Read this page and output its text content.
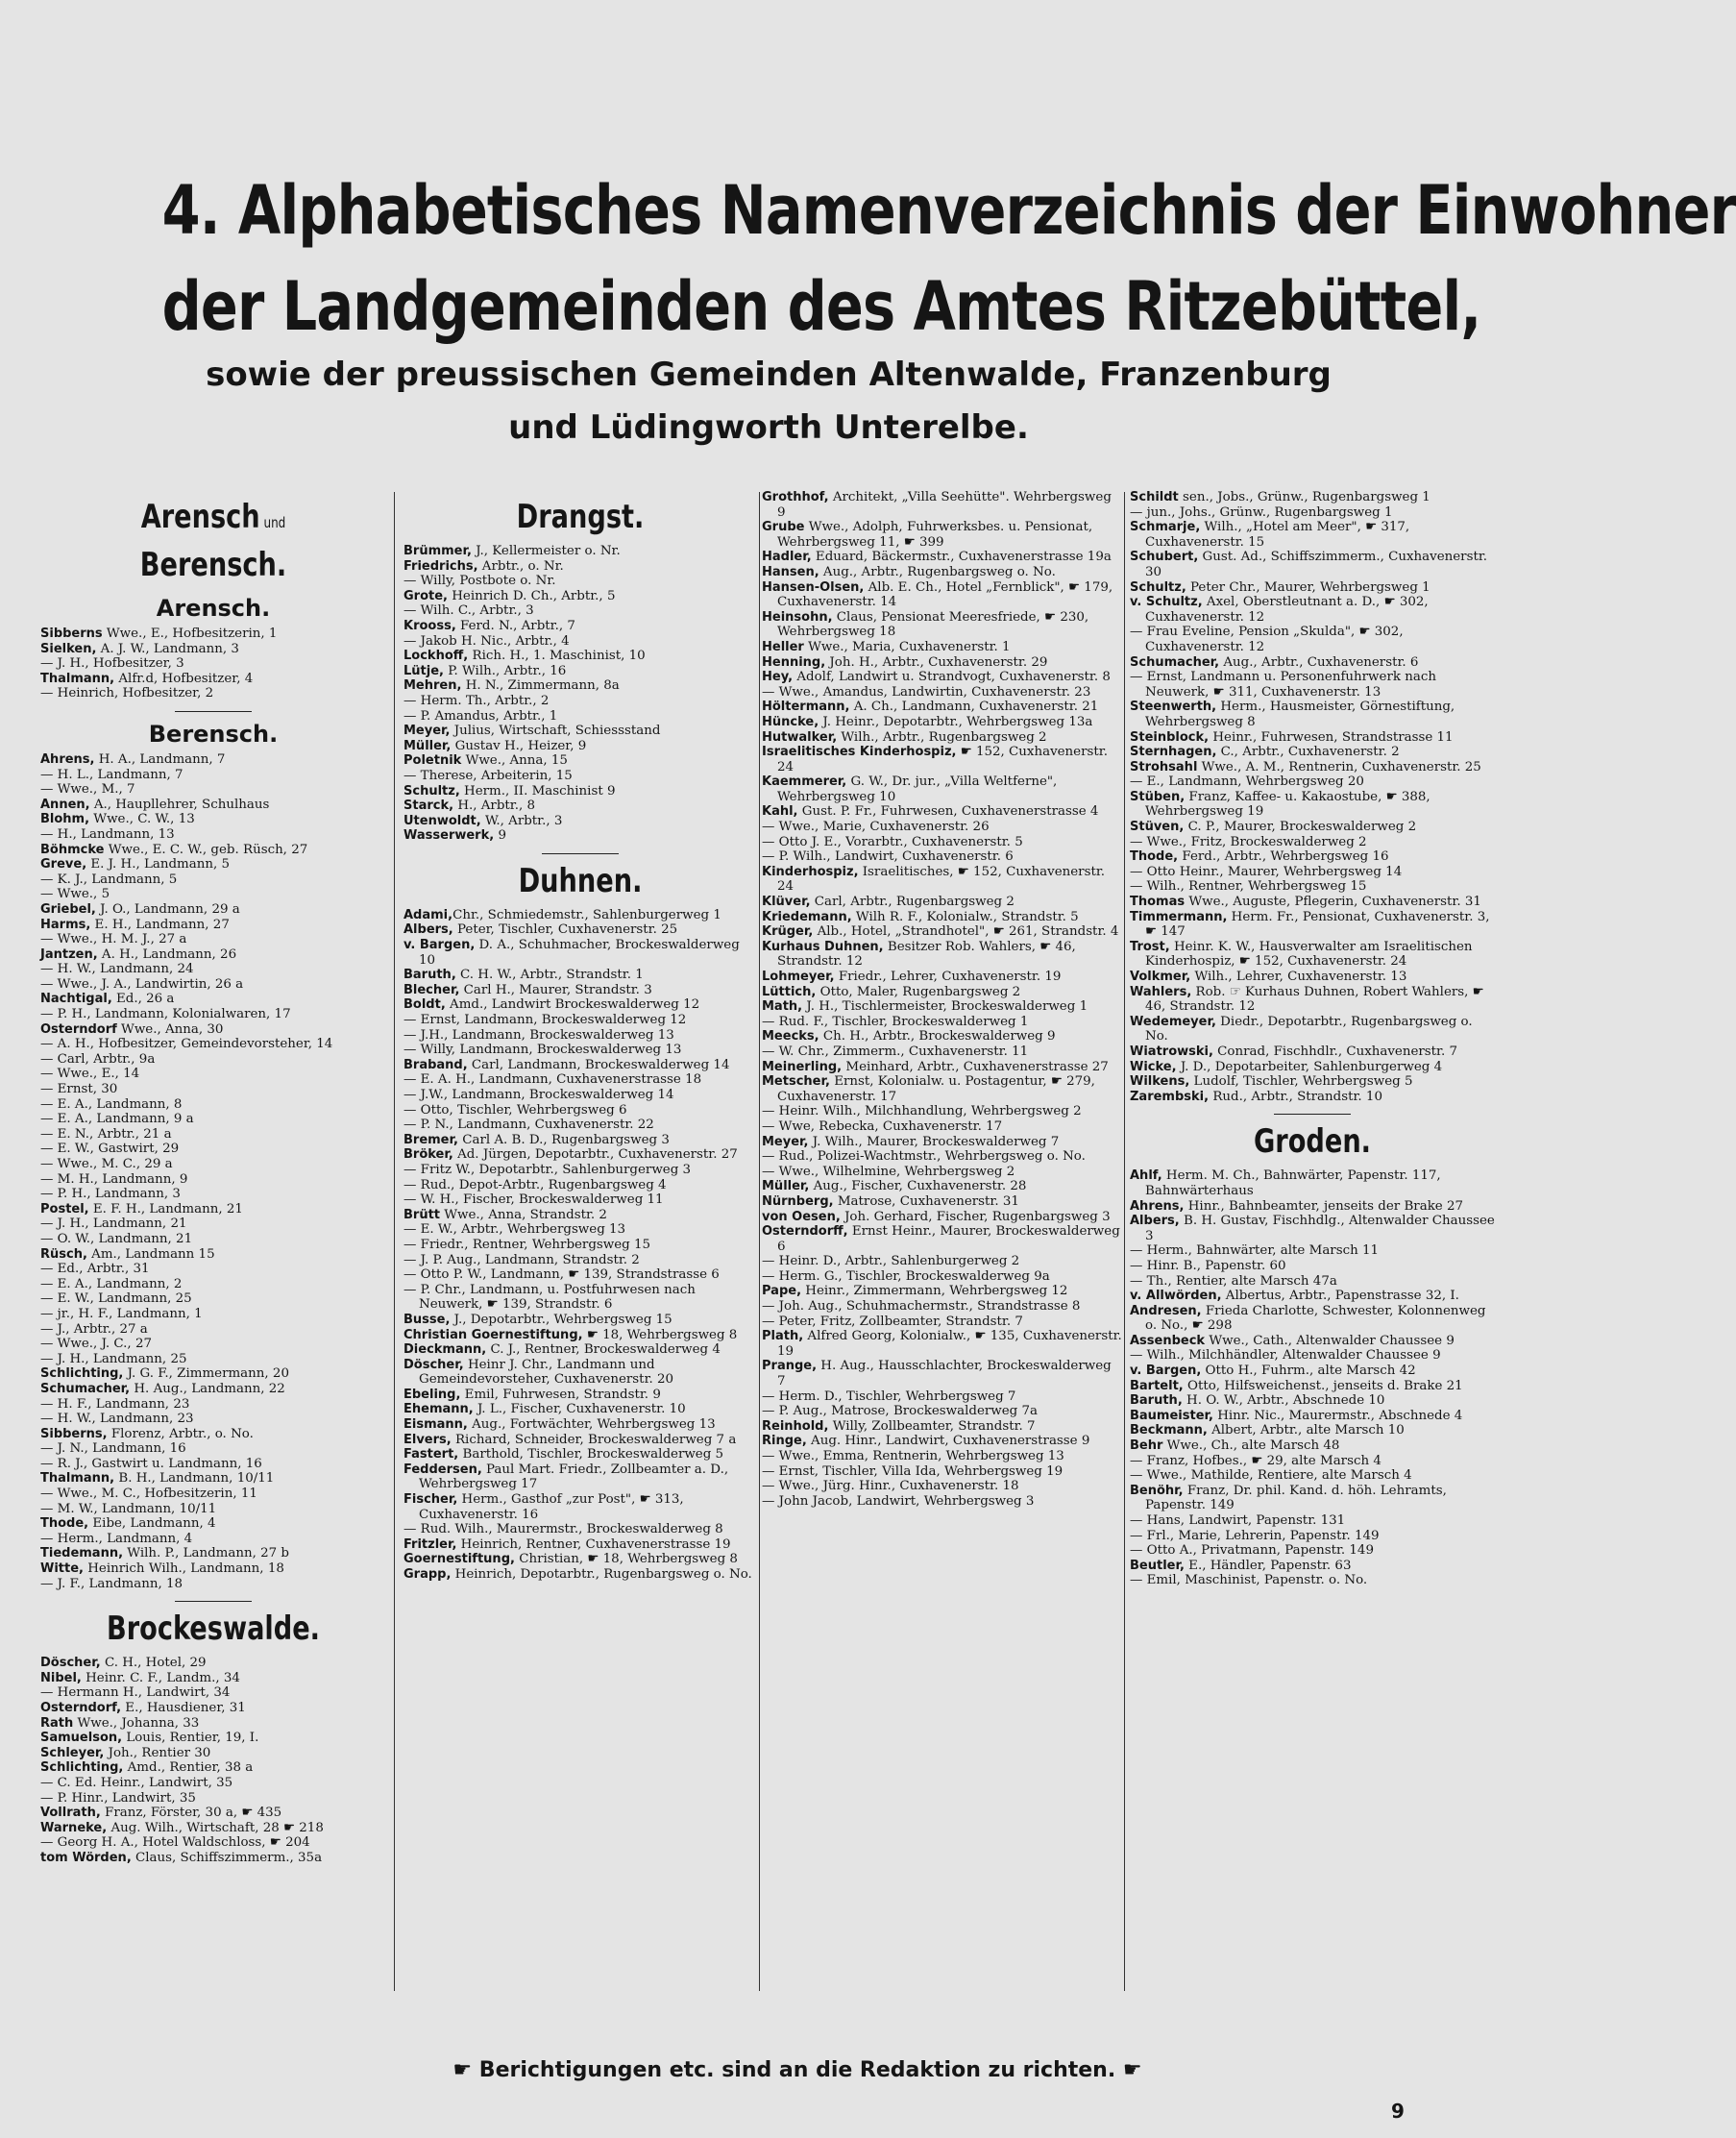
4. Alphabetisches Namenverzeichnis der Einwohner
der Landgemeinden des Amtes Ritzebüttel,
sowie der preussischen Gemeinden Altenwalde, Franzenburg
und Lüdingworth Unterelbe.
Arensch und Berensch.
Arensch.
Sibberns Wwe., E., Hofbesitzerin, 1
Sielken, A. J. W., Landmann, 3
— J. H., Hofbesitzer, 3
Thalmann, Alfr.d, Hofbesitzer, 4
— Heinrich, Hofbesitzer, 2
Berensch.
Ahrens, H. A., Landmann, 7
— H. L., Landmann, 7
— Wwe., M., 7
Annen, A., Haupllehrer, Schulhaus
Blohm, Wwe., C. W., 13
— H., Landmann, 13
Böhmcke Wwe., E. C. W., geb. Rüsch, 27
Greve, E. J. H., Landmann, 5
— K. J., Landmann, 5
— Wwe., 5
Griebel, J. O., Landmann, 29 a
Harms, E. H., Landmann, 27
— Wwe., H. M. J., 27 a
Jantzen, A. H., Landmann, 26
— H. W., Landmann, 24
— Wwe., J. A., Landwirtin, 26 a
Nachtigal, Ed., 26 a
— P. H., Landmann, Kolonialwaren, 17
Osterndorf Wwe., Anna, 30
— A. H., Hofbesitzer, Gemeindevorsteher, 14
— Carl, Arbtr., 9a
— Wwe., E., 14
— Ernst, 30
— E. A., Landmann, 8
— E. A., Landmann, 9 a
— E. N., Arbtr., 21 a
— E. W., Gastwirt, 29
— Wwe., M. C., 29 a
— M. H., Landmann, 9
— P. H., Landmann, 3
Postel, E. F. H., Landmann, 21
— J. H., Landmann, 21
— O. W., Landmann, 21
Rüsch, Am., Landmann 15
— Ed., Arbtr., 31
— E. A., Landmann, 2
— E. W., Landmann, 25
— jr., H. F., Landmann, 1
— J., Arbtr., 27 a
— Wwe., J. C., 27
— J. H., Landmann, 25
Schlichting, J. G. F., Zimmermann, 20
Schumacher, H. Aug., Landmann, 22
— H. F., Landmann, 23
— H. W., Landmann, 23
Sibberns, Florenz, Arbtr., o. No.
— J. N., Landmann, 16
— R. J., Gastwirt u. Landmann, 16
Thalmann, B. H., Landmann, 10/11
— Wwe., M. C., Hofbesitzerin, 11
— M. W., Landmann, 10/11
Thode, Eibe, Landmann, 4
— Herm., Landmann, 4
Tiedemann, Wilh. P., Landmann, 27 b
Witte, Heinrich Wilh., Landmann, 18
— J. F., Landmann, 18
Brockeswalde.
Döscher, C. H., Hotel, 29
Nibel, Heinr. C. F., Landm., 34
— Hermann H., Landwirt, 34
Osterndorf, E., Hausdiener, 31
Rath Wwe., Johanna, 33
Samuelson, Louis, Rentier, 19, I.
Schleyer, Joh., Rentier 30
Schlichting, Amd., Rentier, 38 a
— C. Ed. Heinr., Landwirt, 35
— P. Hinr., Landwirt, 35
Vollrath, Franz, Förster, 30 a, ☛ 435
Warneke, Aug. Wilh., Wirtschaft, 28 ☛ 218
— Georg H. A., Hotel Waldschloss, ☛ 204
tom Wörden, Claus, Schiffszimmerm., 35a
Drangst.
Brümmer, J., Kellermeister o. Nr.
Friedrichs, Arbtr., o. Nr.
— Willy, Postbote o. Nr.
Grote, Heinrich D. Ch., Arbtr., 5
— Wilh. C., Arbtr., 3
Krooss, Ferd. N., Arbtr., 7
— Jakob H. Nic., Arbtr., 4
Lockhoff, Rich. H., 1. Maschinist, 10
Lütje, P. Wilh., Arbtr., 16
Mehren, H. N., Zimmermann, 8a
— Herm. Th., Arbtr., 2
— P. Amandus, Arbtr., 1
Meyer, Julius, Wirtschaft, Schiessstand
Müller, Gustav H., Heizer, 9
Poletnik Wwe., Anna, 15
— Therese, Arbeiterin, 15
Schultz, Herm., II. Maschinist 9
Starck, H., Arbtr., 8
Utenwoldt, W., Arbtr., 3
Wasserwerk, 9
Duhnen.
Adami,Chr., Schmiedemstr., Sahlenburgerweg 1
Albers, Peter, Tischler, Cuxhavenerstr. 25
v. Bargen, D. A., Schuhmacher, Brockeswalderweg 10
Baruth, C. H. W., Arbtr., Strandstr. 1
Blecher, Carl H., Maurer, Strandstr. 3
Boldt, Amd., Landwirt Brockeswalderweg 12
— Ernst, Landmann, Brockeswalderweg 12
— J.H., Landmann, Brockeswalderweg 13
— Willy, Landmann, Brockeswalderweg 13
Braband, Carl, Landmann, Brockeswalderweg 14
— E. A. H., Landmann, Cuxhavenerstrasse 18
— J.W., Landmann, Brockeswalderweg 14
— Otto, Tischler, Wehrbergsweg 6
— P. N., Landmann, Cuxhavenerstr. 22
Bremer, Carl A. B. D., Rugenbargsweg 3
Bröker, Ad. Jürgen, Depotarbtr., Cuxhavenerstr. 27
— Fritz W., Depotarbtr., Sahlenburgerweg 3
— Rud., Depot-Arbtr., Rugenbargsweg 4
— W. H., Fischer, Brockeswalderweg 11
Brütt Wwe., Anna, Strandstr. 2
— E. W., Arbtr., Wehrbergsweg 13
— Friedr., Rentner, Wehrbergsweg 15
— J. P. Aug., Landmann, Strandstr. 2
— Otto P. W., Landmann, ☛ 139, Strandstrasse 6
— P. Chr., Landmann, u. Postfuhrwesen nach Neuwerk, ☛ 139, Strandstr. 6
Busse, J., Depotarbtr., Wehrbergsweg 15
Christian Goernestiftung, ☛ 18, Wehrbergsweg 8
Dieckmann, C. J., Rentner, Brockeswalderweg 4
Döscher, Heinr J. Chr., Landmann und Gemeindevorsteher, Cuxhavenerstr. 20
Ebeling, Emil, Fuhrwesen, Strandstr. 9
Ehemann, J. L., Fischer, Cuxhavenerstr. 10
Eismann, Aug., Fortwächter, Wehrbergsweg 13
Elvers, Richard, Schneider, Brockeswalderweg 7 a
Fastert, Barthold, Tischler, Brockeswalderweg 5
Feddersen, Paul Mart. Friedr., Zollbeamter a. D., Wehrbergsweg 17
Fischer, Herm., Gasthof „zur Post", ☛ 313, Cuxhavenerstr. 16
— Rud. Wilh., Maurermstr., Brockeswalderweg 8
Fritzler, Heinrich, Rentner, Cuxhavenerstrasse 19
Goernestiftung, Christian, ☛ 18, Wehrbergsweg 8
Grapp, Heinrich, Depotarbtr., Rugenbargsweg o. No.
Grothhof, Architekt, „Villa Seehütte". Wehrbergsweg 9
Grube Wwe., Adolph, Fuhrwerksbes. u. Pensionat, Wehrbergsweg 11, ☛ 399
Hadler, Eduard, Bäckermstr., Cuxhavenerstrasse 19a
Hansen, Aug., Arbtr., Rugenbargsweg o. No.
Hansen-Olsen, Alb. E. Ch., Hotel „Fernblick", ☛ 179, Cuxhavenerstr. 14
Heinsohn, Claus, Pensionat Meeresfriede, ☛ 230, Wehrbergsweg 18
Heller Wwe., Maria, Cuxhavenerstr. 1
Henning, Joh. H., Arbtr., Cuxhavenerstr. 29
Hey, Adolf, Landwirt u. Strandvogt, Cuxhavenerstr. 8
— Wwe., Amandus, Landwirtin, Cuxhavenerstr. 23
Höltermann, A. Ch., Landmann, Cuxhavenerstr. 21
Hüncke, J. Heinr., Depotarbtr., Wehrbergsweg 13a
Hutwalker, Wilh., Arbtr., Rugenbargsweg 2
Israelitisches Kinderhospiz, ☛ 152, Cuxhavenerstr. 24
Kaemmerer, G. W., Dr. jur., „Villa Weltferne", Wehrbergsweg 10
Kahl, Gust. P. Fr., Fuhrwesen, Cuxhavenerstrasse 4
— Wwe., Marie, Cuxhavenerstr. 26
— Otto J. E., Vorarbtr., Cuxhavenerstr. 5
— P. Wilh., Landwirt, Cuxhavenerstr. 6
Kinderhospiz, Israelitisches, ☛ 152, Cuxhavenerstr. 24
Klüver, Carl, Arbtr., Rugenbargsweg 2
Kriedemann, Wilh R. F., Kolonialw., Strandstr. 5
Krüger, Alb., Hotel, „Strandhotel", ☛ 261, Strandstr. 4
Kurhaus Duhnen, Besitzer Rob. Wahlers, ☛ 46, Strandstr. 12
Lohmeyer, Friedr., Lehrer, Cuxhavenerstr. 19
Lüttich, Otto, Maler, Rugenbargsweg 2
Math, J. H., Tischlermeister, Brockeswalderweg 1
— Rud. F., Tischler, Brockeswalderweg 1
Meecks, Ch. H., Arbtr., Brockeswalderweg 9
— W. Chr., Zimmerm., Cuxhavenerstr. 11
Meinerling, Meinhard, Arbtr., Cuxhavenerstrasse 27
Metscher, Ernst, Kolonialw. u. Postagentur, ☛ 279, Cuxhavenerstr. 17
— Heinr. Wilh., Milchhandlung, Wehrbergsweg 2
— Wwe, Rebecka, Cuxhavenerstr. 17
Meyer, J. Wilh., Maurer, Brockeswalderweg 7
— Rud., Polizei-Wachtmstr., Wehrbergsweg o. No.
— Wwe., Wilhelmine, Wehrbergsweg 2
Müller, Aug., Fischer, Cuxhavenerstr. 28
Nürnberg, Matrose, Cuxhavenerstr. 31
von Oesen, Joh. Gerhard, Fischer, Rugenbargsweg 3
Osterndorff, Ernst Heinr., Maurer, Brockeswalderweg 6
— Heinr. D., Arbtr., Sahlenburgerweg 2
— Herm. G., Tischler, Brockeswalderweg 9a
Pape, Heinr., Zimmermann, Wehrbergsweg 12
— Joh. Aug., Schuhmachermstr., Strandstrasse 8
— Peter, Fritz, Zollbeamter, Strandstr. 7
Plath, Alfred Georg, Kolonialw., ☛ 135, Cuxhavenerstr. 19
Prange, H. Aug., Hausschlachter, Brockeswalderweg 7
— Herm. D., Tischler, Wehrbergsweg 7
— P. Aug., Matrose, Brockeswalderweg 7a
Reinhold, Willy, Zollbeamter, Strandstr. 7
Ringe, Aug. Hinr., Landwirt, Cuxhavenerstrasse 9
— Wwe., Emma, Rentnerin, Wehrbergsweg 13
— Ernst, Tischler, Villa Ida, Wehrbergsweg 19
— Wwe., Jürg. Hinr., Cuxhavenerstr. 18
— John Jacob, Landwirt, Wehrbergsweg 3
Schildt sen., Jobs., Grünw., Rugenbargsweg 1
— jun., Johs., Grünw., Rugenbargsweg 1
Schmarje, Wilh., „Hotel am Meer", ☛ 317, Cuxhavenerstr. 15
Schubert, Gust. Ad., Schiffszimmerm., Cuxhavenerstr. 30
Schultz, Peter Chr., Maurer, Wehrbergsweg 1
v. Schultz, Axel, Oberstleutnant a. D., ☛ 302, Cuxhavenerstr. 12
— Frau Eveline, Pension „Skulda", ☛ 302, Cuxhavenerstr. 12
Schumacher, Aug., Arbtr., Cuxhavenerstr. 6
— Ernst, Landmann u. Personenfuhrwerk nach Neuwerk, ☛ 311, Cuxhavenerstr. 13
Steenwerth, Herm., Hausmeister, Görnestiftung, Wehrbergsweg 8
Steinblock, Heinr., Fuhrwesen, Strandstrasse 11
Sternhagen, C., Arbtr., Cuxhavenerstr. 2
Strohsahl Wwe., A. M., Rentnerin, Cuxhavenerstr. 25
— E., Landmann, Wehrbergsweg 20
Stüben, Franz, Kaffee- u. Kakaostube, ☛ 388, Wehrbergsweg 19
Stüven, C. P., Maurer, Brockeswalderweg 2
— Wwe., Fritz, Brockeswalderweg 2
Thode, Ferd., Arbtr., Wehrbergsweg 16
— Otto Heinr., Maurer, Wehrbergsweg 14
— Wilh., Rentner, Wehrbergsweg 15
Thomas Wwe., Auguste, Pflegerin, Cuxhavenerstr. 31
Timmermann, Herm. Fr., Pensionat, Cuxhavenerstr. 3, ☛ 147
Trost, Heinr. K. W., Hausverwalter am Israelitischen Kinderhospiz, ☛ 152, Cuxhavenerstr. 24
Volkmer, Wilh., Lehrer, Cuxhavenerstr. 13
Wahlers, Rob. ☞ Kurhaus Duhnen, Robert Wahlers, ☛ 46, Strandstr. 12
Wedemeyer, Diedr., Depotarbtr., Rugenbargsweg o. No.
Wiatrowski, Conrad, Fischhdlr., Cuxhavenerstr. 7
Wicke, J. D., Depotarbeiter, Sahlenburgerweg 4
Wilkens, Ludolf, Tischler, Wehrbergsweg 5
Zarembski, Rud., Arbtr., Strandstr. 10
Groden.
Ahlf, Herm. M. Ch., Bahnwärter, Papenstr. 117, Bahnwärterhaus
Ahrens, Hinr., Bahnbeamter, jenseits der Brake 27
Albers, B. H. Gustav, Fischhdlg., Altenwalder Chaussee 3
— Herm., Bahnwärter, alte Marsch 11
— Hinr. B., Papenstr. 60
— Th., Rentier, alte Marsch 47a
v. Allwörden, Albertus, Arbtr., Papenstrasse 32, I.
Andresen, Frieda Charlotte, Schwester, Kolonnenweg o. No., ☛ 298
Assenbeck Wwe., Cath., Altenwalder Chaussee 9
— Wilh., Milchhändler, Altenwalder Chaussee 9
v. Bargen, Otto H., Fuhrm., alte Marsch 42
Bartelt, Otto, Hilfsweichenst., jenseits d. Brake 21
Baruth, H. O. W., Arbtr., Abschnede 10
Baumeister, Hinr. Nic., Maurermstr., Abschnede 4
Beckmann, Albert, Arbtr., alte Marsch 10
Behr Wwe., Ch., alte Marsch 48
— Franz, Hofbes., ☛ 29, alte Marsch 4
— Wwe., Mathilde, Rentiere, alte Marsch 4
Benöhr, Franz, Dr. phil. Kand. d. höh. Lehramts, Papenstr. 149
— Hans, Landwirt, Papenstr. 131
— Frl., Marie, Lehrerin, Papenstr. 149
— Otto A., Privatmann, Papenstr. 149
Beutler, E., Händler, Papenstr. 63
— Emil, Maschinist, Papenstr. o. No.
☛ Berichtigungen etc. sind an die Redaktion zu richten. ☛
9
